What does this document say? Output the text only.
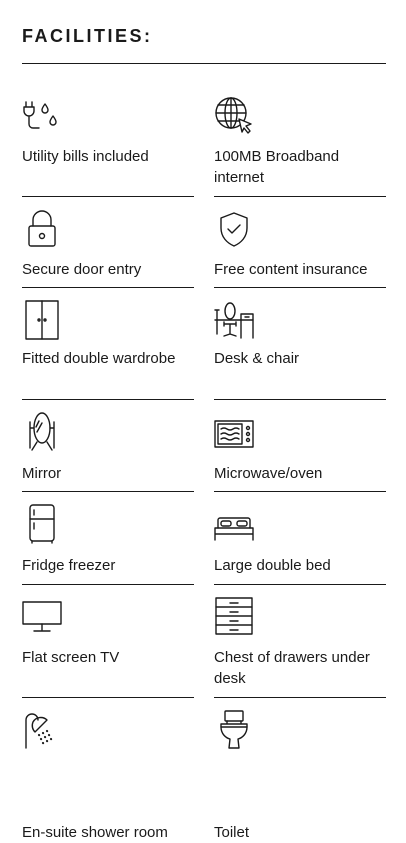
FACILITIES:
Utility bills included	100MB Broadband internet
Secure door entry	Free content insurance
Fitted double wardrobe	Desk & chair
Mirror	Microwave/oven
Fridge freezer	Large double bed
Flat screen TV	Chest of drawers under desk
En-suite shower room	Toilet
